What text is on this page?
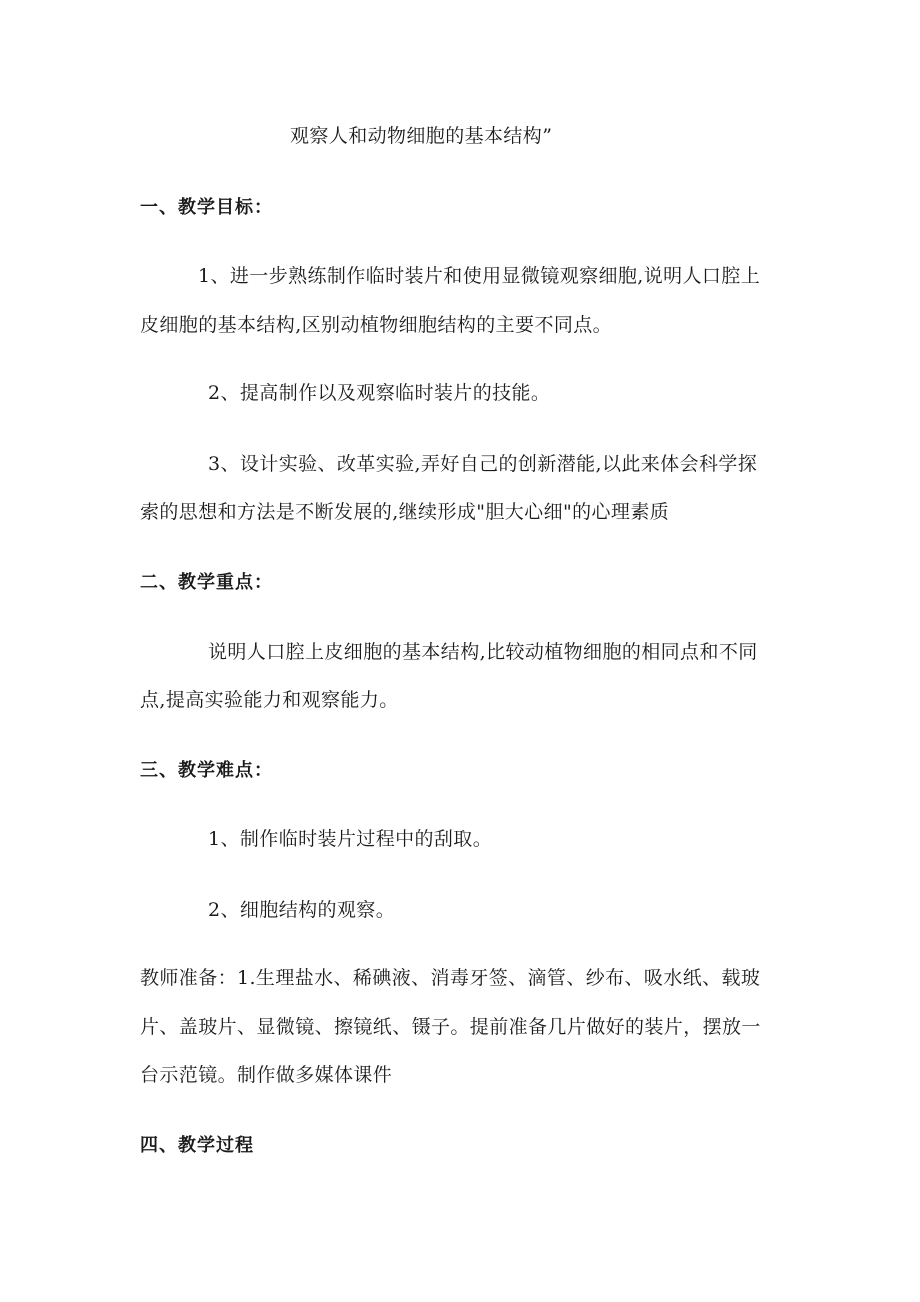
观察人和动物细胞的基本结构”
一、教学目标：
1、进一步熟练制作临时装片和使用显微镜观察细胞,说明人口腔上
皮细胞的基本结构,区别动植物细胞结构的主要不同点。
2、提高制作以及观察临时装片的技能。
3、设计实验、改革实验,弄好自己的创新潜能,以此来体会科学探
索的思想和方法是不断发展的,继续形成"胆大心细"的心理素质
二、教学重点：
说明人口腔上皮细胞的基本结构,比较动植物细胞的相同点和不同
点,提高实验能力和观察能力。
三、教学难点：
1、制作临时装片过程中的刮取。
2、细胞结构的观察。
教师准备：1.生理盐水、稀碘液、消毒牙签、滴管、纱布、吸水纸、载玻
片、盖玻片、显微镜、擦镜纸、镊子。提前准备几片做好的装片，摆放一
台示范镜。制作做多媒体课件
四、教学过程
